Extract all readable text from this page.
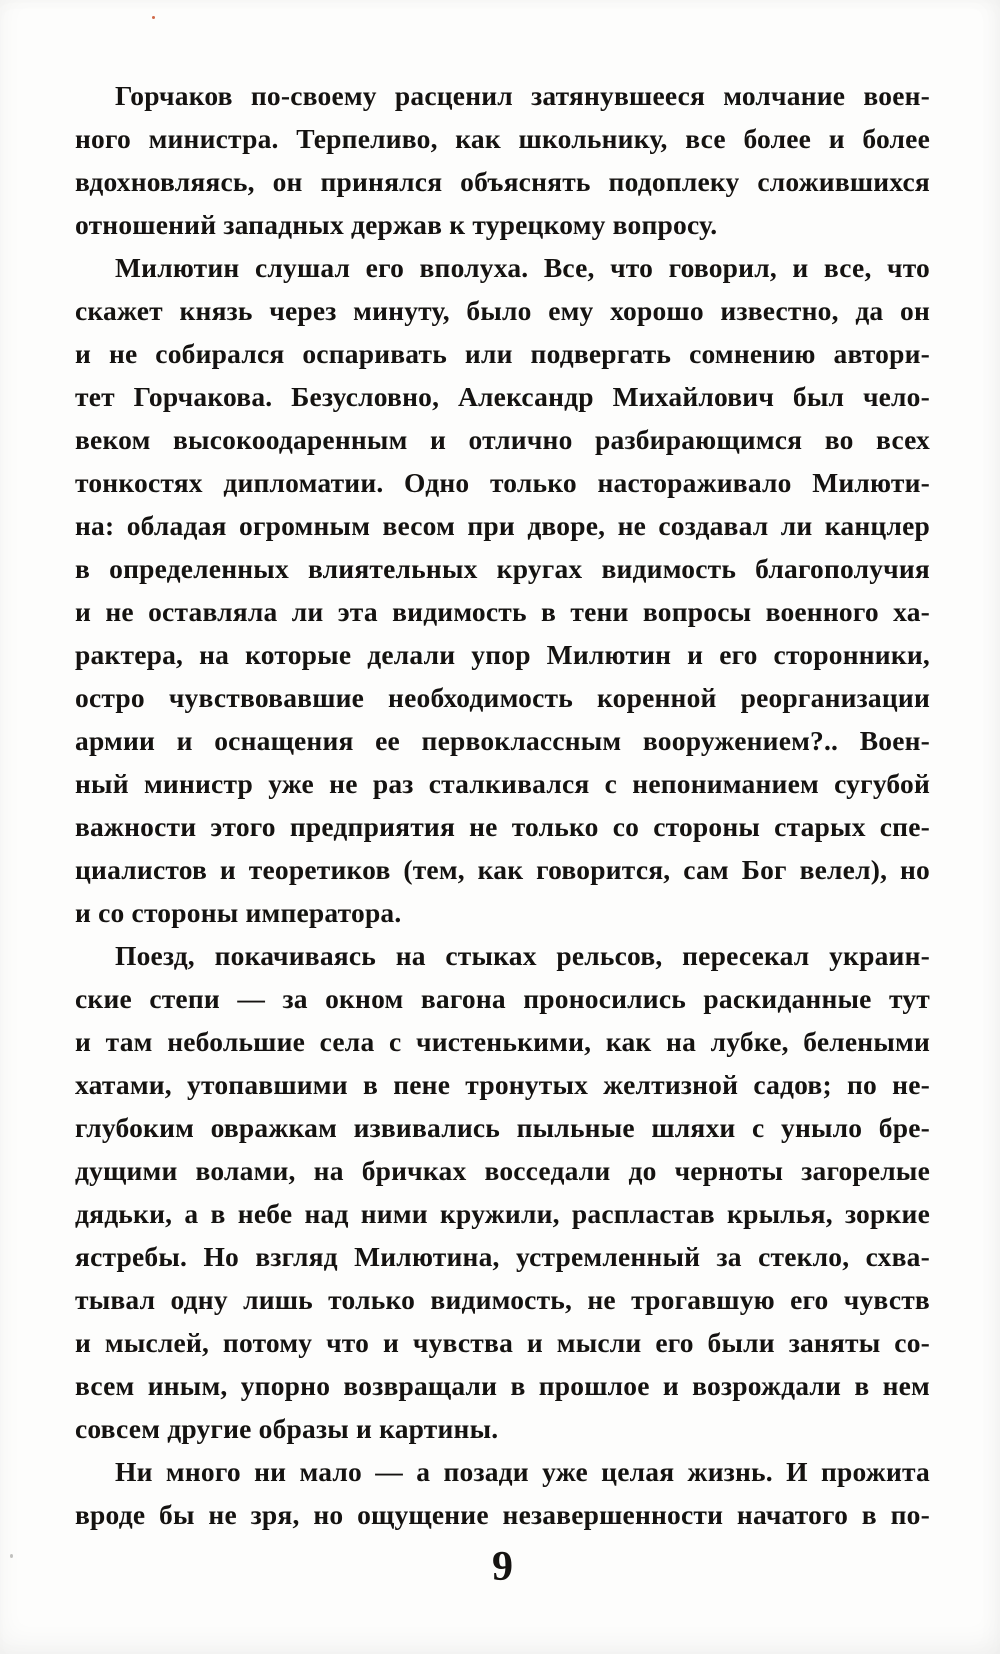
Горчаков по-своему расценил затянувшееся молчание воен-
ного министра. Терпеливо, как школьнику, все более и более
вдохновляясь, он принялся объяснять подоплеку сложившихся
отношений западных держав к турецкому вопросу.
Милютин слушал его вполуха. Все, что говорил, и все, что
скажет князь через минуту, было ему хорошо известно, да он
и не собирался оспаривать или подвергать сомнению автори-
тет Горчакова. Безусловно, Александр Михайлович был чело-
веком высокоодаренным и отлично разбирающимся во всех
тонкостях дипломатии. Одно только настораживало Милюти-
на: обладая огромным весом при дворе, не создавал ли канцлер
в определенных влиятельных кругах видимость благополучия
и не оставляла ли эта видимость в тени вопросы военного ха-
рактера, на которые делали упор Милютин и его сторонники,
остро чувствовавшие необходимость коренной реорганизации
армии и оснащения ее первоклассным вооружением?.. Воен-
ный министр уже не раз сталкивался с непониманием сугубой
важности этого предприятия не только со стороны старых спе-
циалистов и теоретиков (тем, как говорится, сам Бог велел), но
и со стороны императора.
Поезд, покачиваясь на стыках рельсов, пересекал украин-
ские степи — за окном вагона проносились раскиданные тут
и там небольшие села с чистенькими, как на лубке, белеными
хатами, утопавшими в пене тронутых желтизной садов; по не-
глубоким овражкам извивались пыльные шляхи с уныло бре-
дущими волами, на бричках восседали до черноты загорелые
дядьки, а в небе над ними кружили, распластав крылья, зоркие
ястребы. Но взгляд Милютина, устремленный за стекло, схва-
тывал одну лишь только видимость, не трогавшую его чувств
и мыслей, потому что и чувства и мысли его были заняты со-
всем иным, упорно возвращали в прошлое и возрождали в нем
совсем другие образы и картины.
Ни много ни мало — а позади уже целая жизнь. И прожита
вроде бы не зря, но ощущение незавершенности начатого в по-
9
